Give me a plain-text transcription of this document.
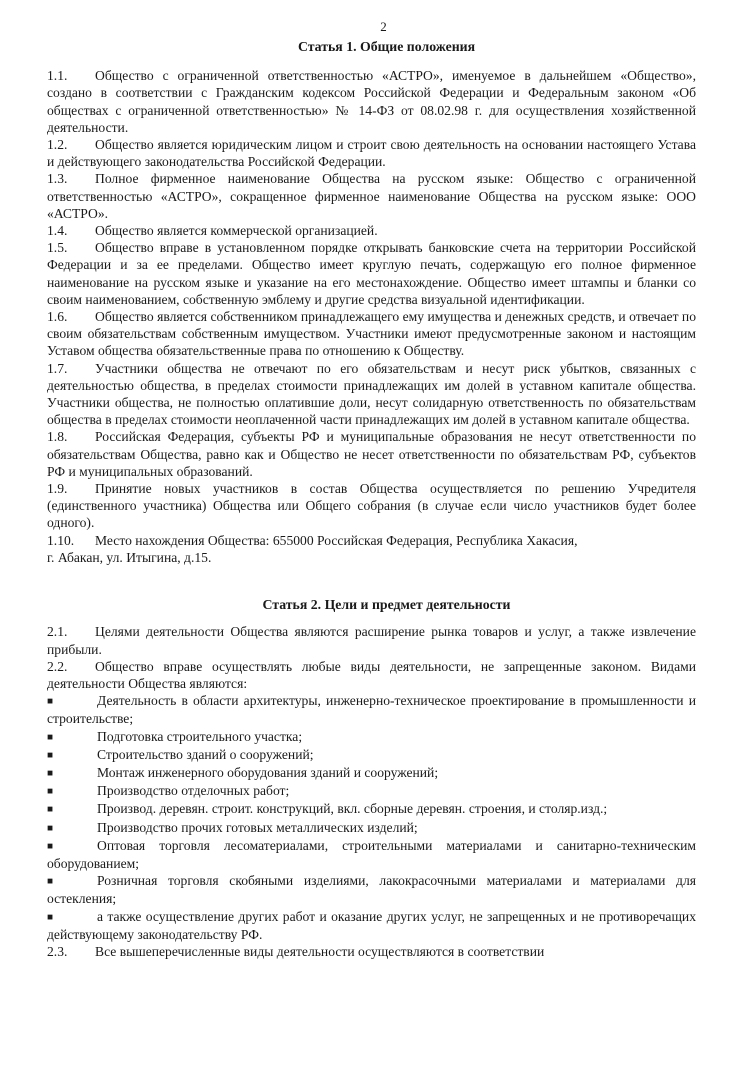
2
Статья 1. Общие положения

1.1. Общество с ограниченной ответственностью «АСТРО», именуемое в дальнейшем «Общество», создано в соответствии с Гражданским кодексом Российской Федерации и Федеральным законом «Об обществах с ограниченной ответственностью» № 14-ФЗ от 08.02.98 г. для осуществления хозяйственной деятельности.

1.2. Общество является юридическим лицом и строит свою деятельность на основании настоящего Устава и действующего законодательства Российской Федерации.

1.3. Полное фирменное наименование Общества на русском языке: Общество с ограниченной ответственностью «АСТРО», сокращенное фирменное наименование Общества на русском языке: ООО «АСТРО».

1.4. Общество является коммерческой организацией.

1.5. Общество вправе в установленном порядке открывать банковские счета на территории Российской Федерации и за ее пределами. Общество имеет круглую печать, содержащую его полное фирменное наименование на русском языке и указание на его местонахождение. Общество имеет штампы и бланки со своим наименованием, собственную эмблему и другие средства визуальной идентификации.

1.6. Общество является собственником принадлежащего ему имущества и денежных средств, и отвечает по своим обязательствам собственным имуществом. Участники имеют предусмотренные законом и настоящим Уставом общества обязательственные права по отношению к Обществу.

1.7. Участники общества не отвечают по его обязательствам и несут риск убытков, связанных с деятельностью общества, в пределах стоимости принадлежащих им долей в уставном капитале общества. Участники общества, не полностью оплатившие доли, несут солидарную ответственность по обязательствам общества в пределах стоимости неоплаченной части принадлежащих им долей в уставном капитале общества.

1.8. Российская Федерация, субъекты РФ и муниципальные образования не несут ответственности по обязательствам Общества, равно как и Общество не несет ответственности по обязательствам РФ, субъектов РФ и муниципальных образований.

1.9. Принятие новых участников в состав Общества осуществляется по решению Учредителя (единственного участника) Общества или Общего собрания (в случае если число участников будет более одного).

1.10. Место нахождения Общества: 655000 Российская Федерация, Республика Хакасия,
г. Абакан, ул. Итыгина, д.15.

Статья 2. Цели и предмет деятельности

2.1. Целями деятельности Общества являются расширение рынка товаров и услуг, а также извлечение прибыли.

2.2. Общество вправе осуществлять любые виды деятельности, не запрещенные законом. Видами деятельности Общества являются:

■	Деятельность в области архитектуры, инженерно-техническое проектирование в промышленности и строительстве;

■	Подготовка строительного участка;

■	Строительство зданий о сооружений;

■	Монтаж инженерного оборудования зданий и сооружений;

■	Производство отделочных работ;

■	Производ. деревян. строит. конструкций, вкл. сборные деревян. строения, и столяр.изд.;

■	Производство прочих готовых металлических изделий;

■	Оптовая торговля лесоматериалами, строительными материалами и санитарно-техническим оборудованием;

■	Розничная торговля скобяными изделиями, лакокрасочными материалами и материалами для остекления;

■	а также осуществление других работ и оказание других услуг, не запрещенных и не противоречащих действующему законодательству РФ.

2.3. Все вышеперечисленные виды деятельности осуществляются в соответствии
